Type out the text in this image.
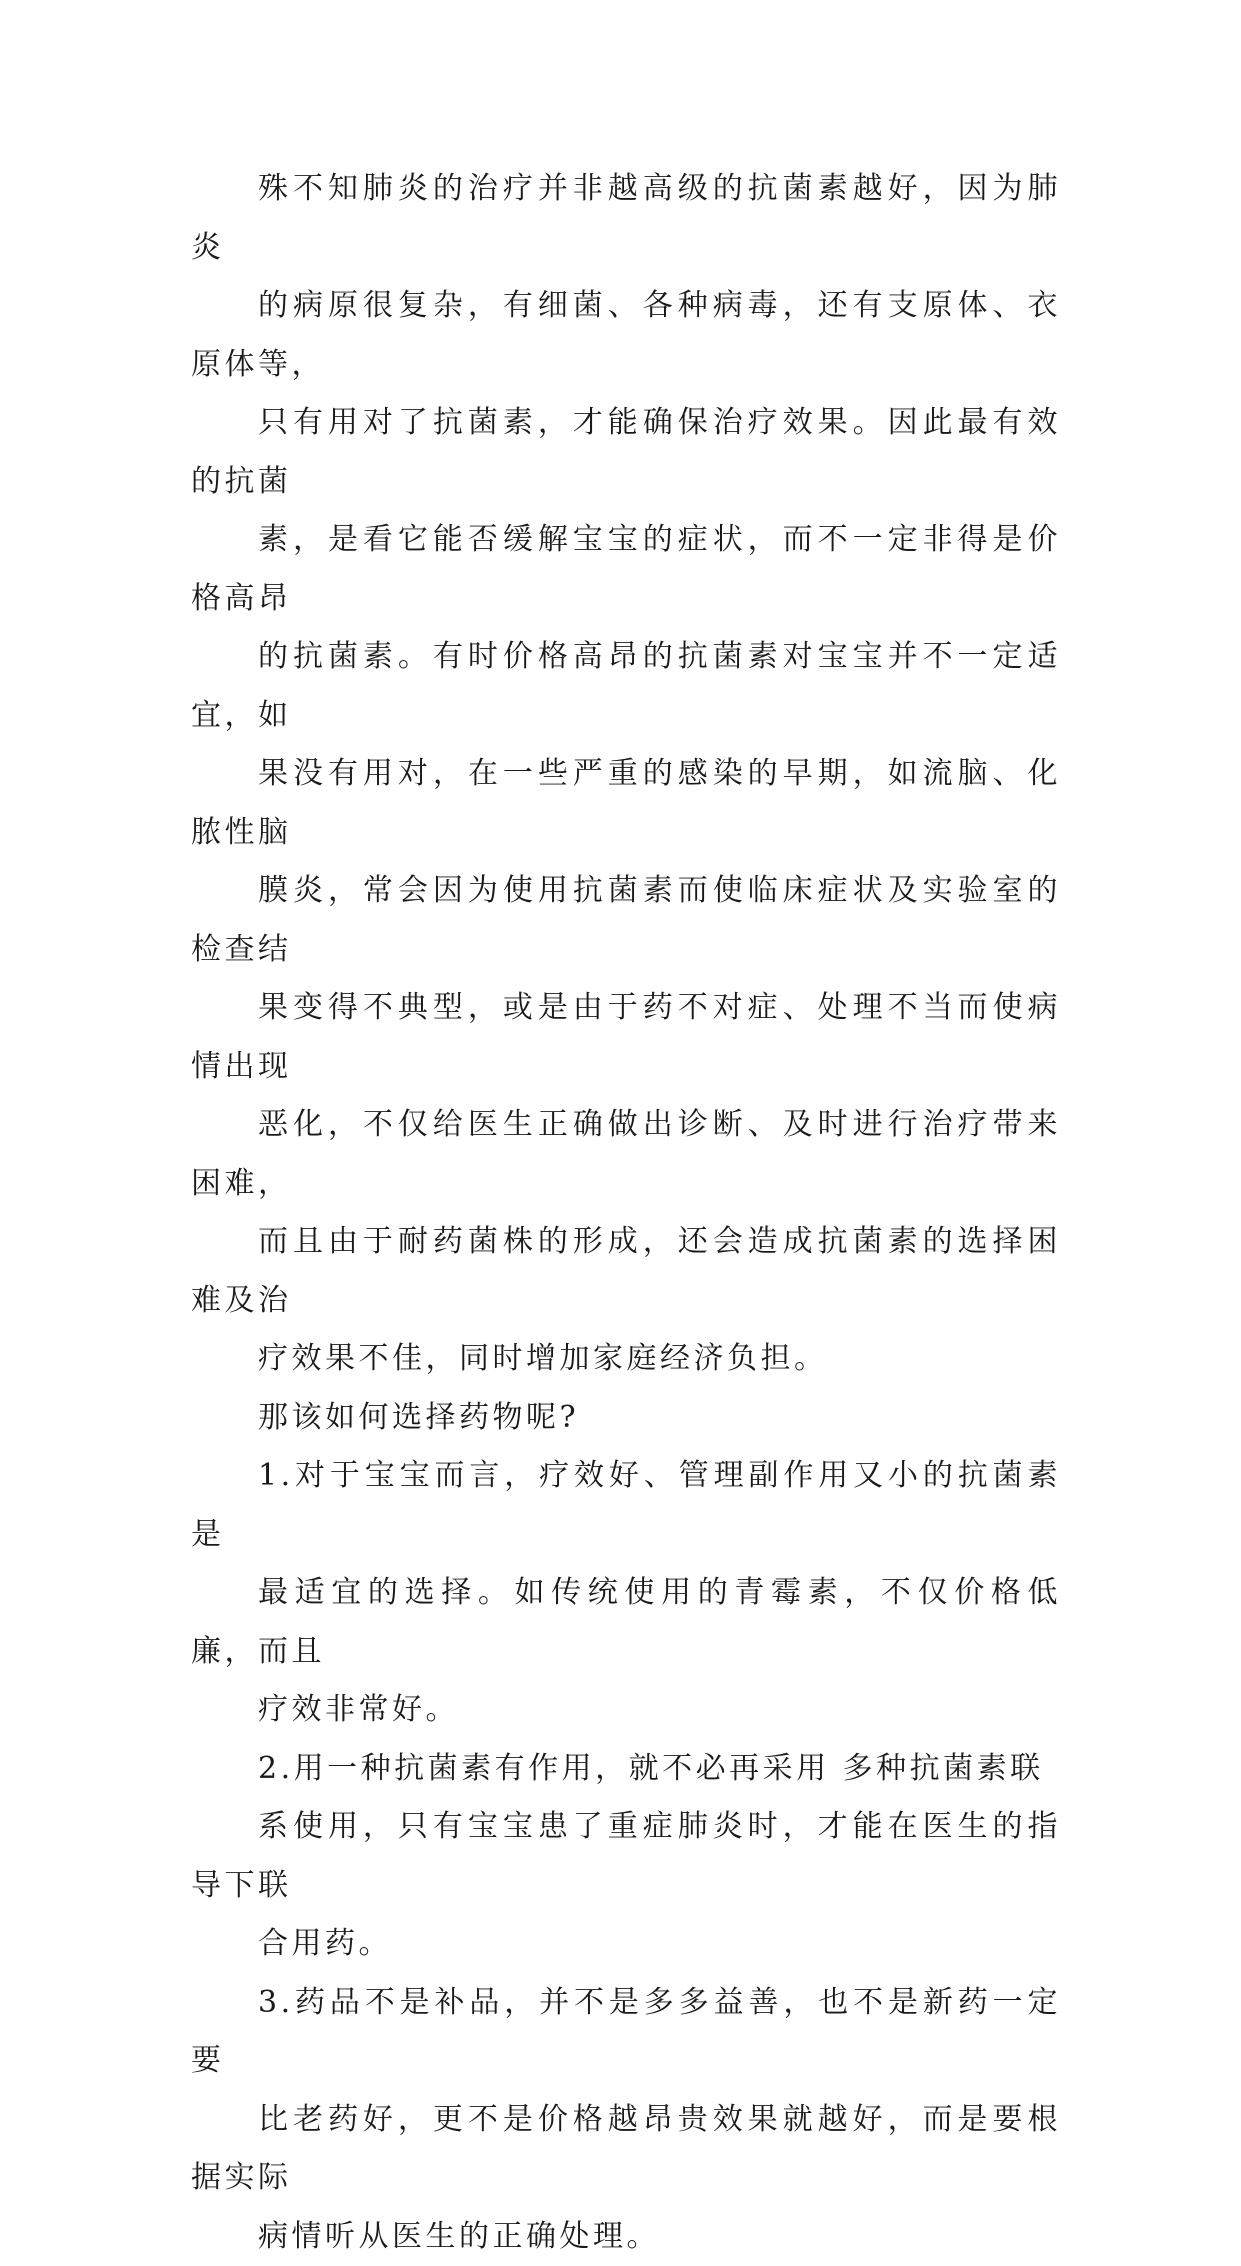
殊不知肺炎的治疗并非越高级的抗菌素越好，因为肺炎
的病原很复杂，有细菌、各种病毒，还有支原体、衣原体等，
只有用对了抗菌素，才能确保治疗效果。因此最有效的抗菌
素，是看它能否缓解宝宝的症状，而不一定非得是价格高昂
的抗菌素。有时价格高昂的抗菌素对宝宝并不一定适宜，如
果没有用对，在一些严重的感染的早期，如流脑、化脓性脑
膜炎，常会因为使用抗菌素而使临床症状及实验室的检查结
果变得不典型，或是由于药不对症、处理不当而使病情出现
恶化，不仅给医生正确做出诊断、及时进行治疗带来困难，
而且由于耐药菌株的形成，还会造成抗菌素的选择困难及治
疗效果不佳，同时增加家庭经济负担。

那该如何选择药物呢?

1.对于宝宝而言，疗效好、管理副作用又小的抗菌素是
最适宜的选择。如传统使用的青霉素，不仅价格低廉，而且
疗效非常好。

2.用一种抗菌素有作用，就不必再采用 多种抗菌素联
系使用，只有宝宝患了重症肺炎时，才能在医生的指导下联
合用药。

3.药品不是补品，并不是多多益善，也不是新药一定要
比老药好，更不是价格越昂贵效果就越好，而是要根据实际
病情听从医生的正确处理。
